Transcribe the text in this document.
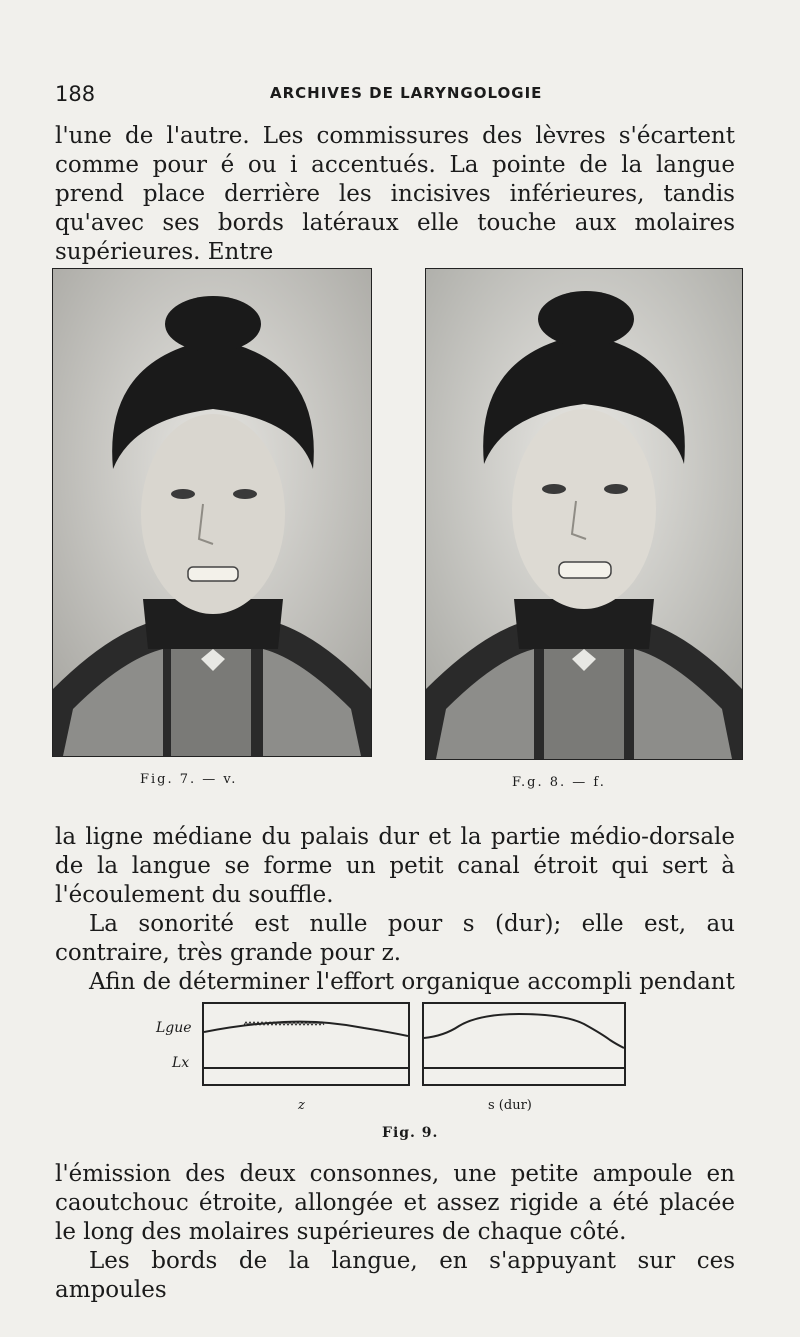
188	ARCHIVES DE LARYNGOLOGIE

l'une de l'autre. Les commissures des lèvres s'écartent comme pour é ou i accentués. La pointe de la langue prend place derrière les incisives inférieures, tandis qu'avec ses bords latéraux elle touche aux molaires supérieures. Entre

Fig. 7. — v.	F.g. 8. — f.

la ligne médiane du palais dur et la partie médio-dorsale de la langue se forme un petit canal étroit qui sert à l'écoulement du souffle.

La sonorité est nulle pour s (dur); elle est, au contraire, très grande pour z.

Afin de déterminer l'effort organique accompli pendant

Lgue
Lx
z	s (dur)
Fig. 9.

l'émission des deux consonnes, une petite ampoule en caoutchouc étroite, allongée et assez rigide a été placée le long des molaires supérieures de chaque côté.

Les bords de la langue, en s'appuyant sur ces ampoules
